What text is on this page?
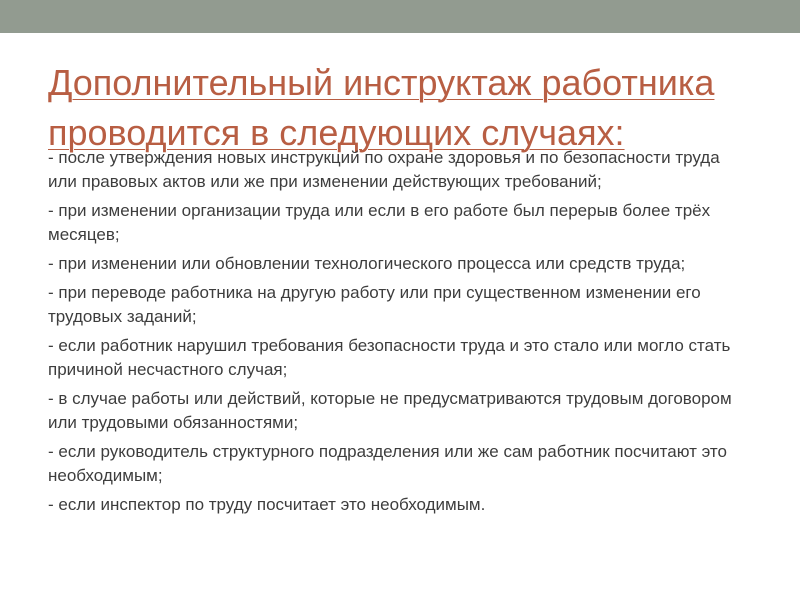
Дополнительный инструктаж работника проводится в следующих случаях:
- после утверждения новых инструкций по охране здоровья и по безопасности труда или правовых актов или же при изменении действующих требований;
- при изменении организации труда или если в его работе был перерыв более трёх месяцев;
- при изменении или обновлении технологического процесса или средств труда;
- при переводе работника на другую работу или при существенном изменении его трудовых заданий;
- если работник нарушил требования безопасности труда и это стало или могло стать причиной несчастного случая;
- в случае работы или действий, которые не предусматриваются трудовым договором или трудовыми обязанностями;
- если руководитель структурного подразделения или же сам работник посчитают это необходимым;
- если инспектор по труду посчитает это необходимым.
